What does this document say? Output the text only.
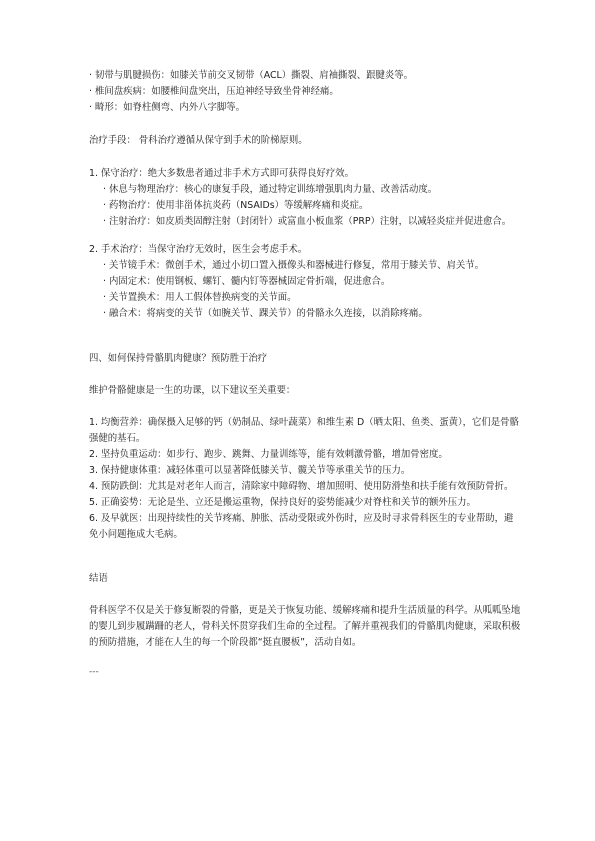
· 韧带与肌腱损伤：如膝关节前交叉韧带（ACL）撕裂、肩袖撕裂、跟腱炎等。
· 椎间盘疾病：如腰椎间盘突出，压迫神经导致坐骨神经痛。
· 畸形：如脊柱侧弯、内外八字脚等。
治疗手段： 骨科治疗遵循从保守到手术的阶梯原则。
1. 保守治疗：绝大多数患者通过非手术方式即可获得良好疗效。
· 休息与物理治疗：核心的康复手段，通过特定训练增强肌肉力量、改善活动度。
· 药物治疗：使用非甾体抗炎药（NSAIDs）等缓解疼痛和炎症。
· 注射治疗：如皮质类固醇注射（封闭针）或富血小板血浆（PRP）注射，以减轻炎症并促进愈合。
2. 手术治疗：当保守治疗无效时，医生会考虑手术。
· 关节镜手术：微创手术，通过小切口置入摄像头和器械进行修复，常用于膝关节、肩关节。
· 内固定术：使用钢板、螺钉、髓内钉等器械固定骨折端，促进愈合。
· 关节置换术：用人工假体替换病变的关节面。
· 融合术：将病变的关节（如腕关节、踝关节）的骨骼永久连接，以消除疼痛。
四、如何保持骨骼肌肉健康？预防胜于治疗
维护骨骼健康是一生的功课，以下建议至关重要：
1. 均衡营养：确保摄入足够的钙（奶制品、绿叶蔬菜）和维生素 D（晒太阳、鱼类、蛋黄），它们是骨骼强健的基石。
2. 坚持负重运动：如步行、跑步、跳舞、力量训练等，能有效刺激骨骼，增加骨密度。
3. 保持健康体重：减轻体重可以显著降低膝关节、髋关节等承重关节的压力。
4. 预防跌倒：尤其是对老年人而言，清除家中障碍物、增加照明、使用防滑垫和扶手能有效预防骨折。
5. 正确姿势：无论是坐、立还是搬运重物，保持良好的姿势能减少对脊柱和关节的额外压力。
6. 及早就医：出现持续性的关节疼痛、肿胀、活动受限或外伤时，应及时寻求骨科医生的专业帮助，避免小问题拖成大毛病。
结语
骨科医学不仅是关于修复断裂的骨骼，更是关于恢复功能、缓解疼痛和提升生活质量的科学。从呱呱坠地的婴儿到步履蹒跚的老人，骨科关怀贯穿我们生命的全过程。了解并重视我们的骨骼肌肉健康，采取积极的预防措施，才能在人生的每一个阶段都“挺直腰板”，活动自如。
---
